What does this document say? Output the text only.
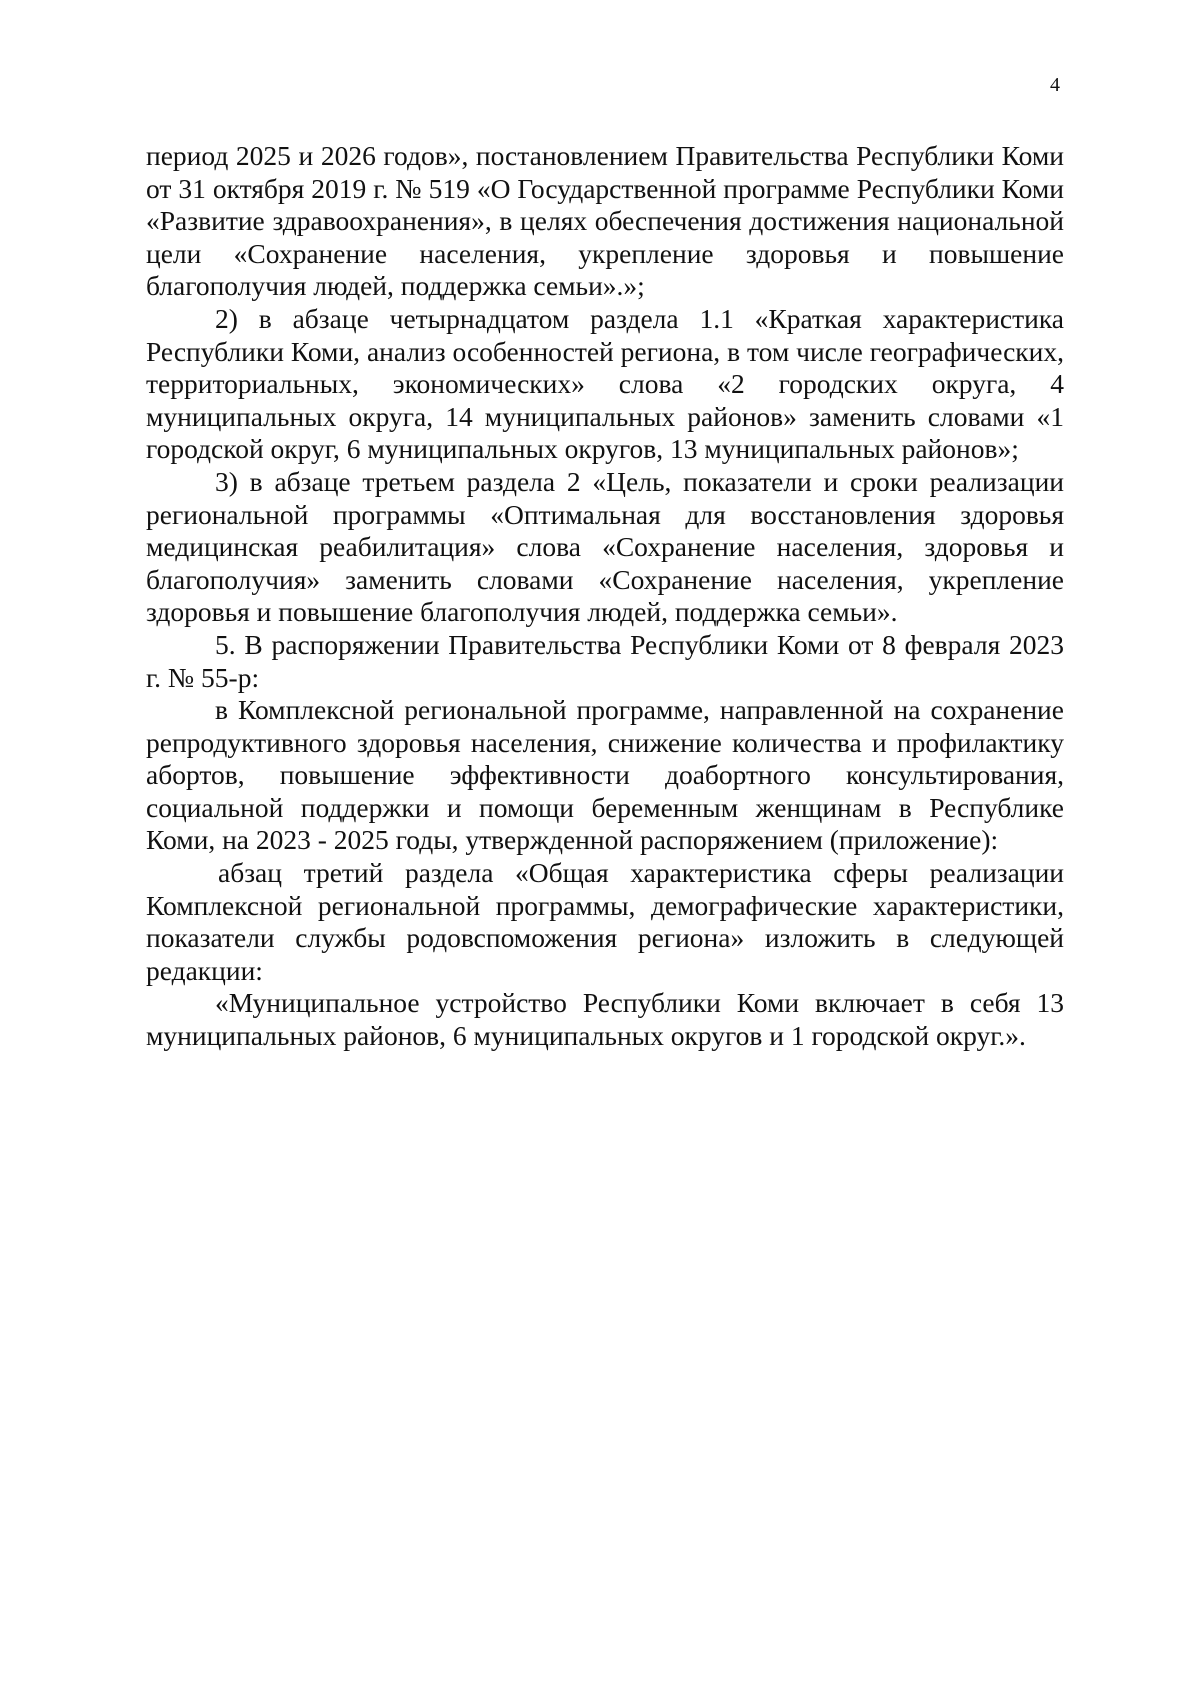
4

период 2025 и 2026 годов», постановлением Правительства Республики Коми от 31 октября 2019 г. № 519 «О Государственной программе Республики Коми «Развитие здравоохранения», в целях обеспечения достижения национальной цели «Сохранение населения, укрепление здоровья и повышение благополучия людей, поддержка семьи».»;

2) в абзаце четырнадцатом раздела 1.1 «Краткая характеристика Республики Коми, анализ особенностей региона, в том числе географических, территориальных, экономических» слова «2 городских округа, 4 муниципальных округа, 14 муниципальных районов» заменить словами «1 городской округ, 6 муниципальных округов, 13 муниципальных районов»;

3) в абзаце третьем раздела 2 «Цель, показатели и сроки реализации региональной программы «Оптимальная для восстановления здоровья медицинская реабилитация» слова «Сохранение населения, здоровья и благополучия» заменить словами «Сохранение населения, укрепление здоровья и повышение благополучия людей, поддержка семьи».

5. В распоряжении Правительства Республики Коми от 8 февраля 2023 г. № 55-р:

в Комплексной региональной программе, направленной на сохранение репродуктивного здоровья населения, снижение количества и профилактику абортов, повышение эффективности доабортного консультирования, социальной поддержки и помощи беременным женщинам в Республике Коми, на 2023 - 2025 годы, утвержденной распоряжением (приложение):

абзац третий раздела «Общая характеристика сферы реализации Комплексной региональной программы, демографические характеристики, показатели службы родовспоможения региона» изложить в следующей редакции:

«Муниципальное устройство Республики Коми включает в себя 13 муниципальных районов, 6 муниципальных округов и 1 городской округ.».
